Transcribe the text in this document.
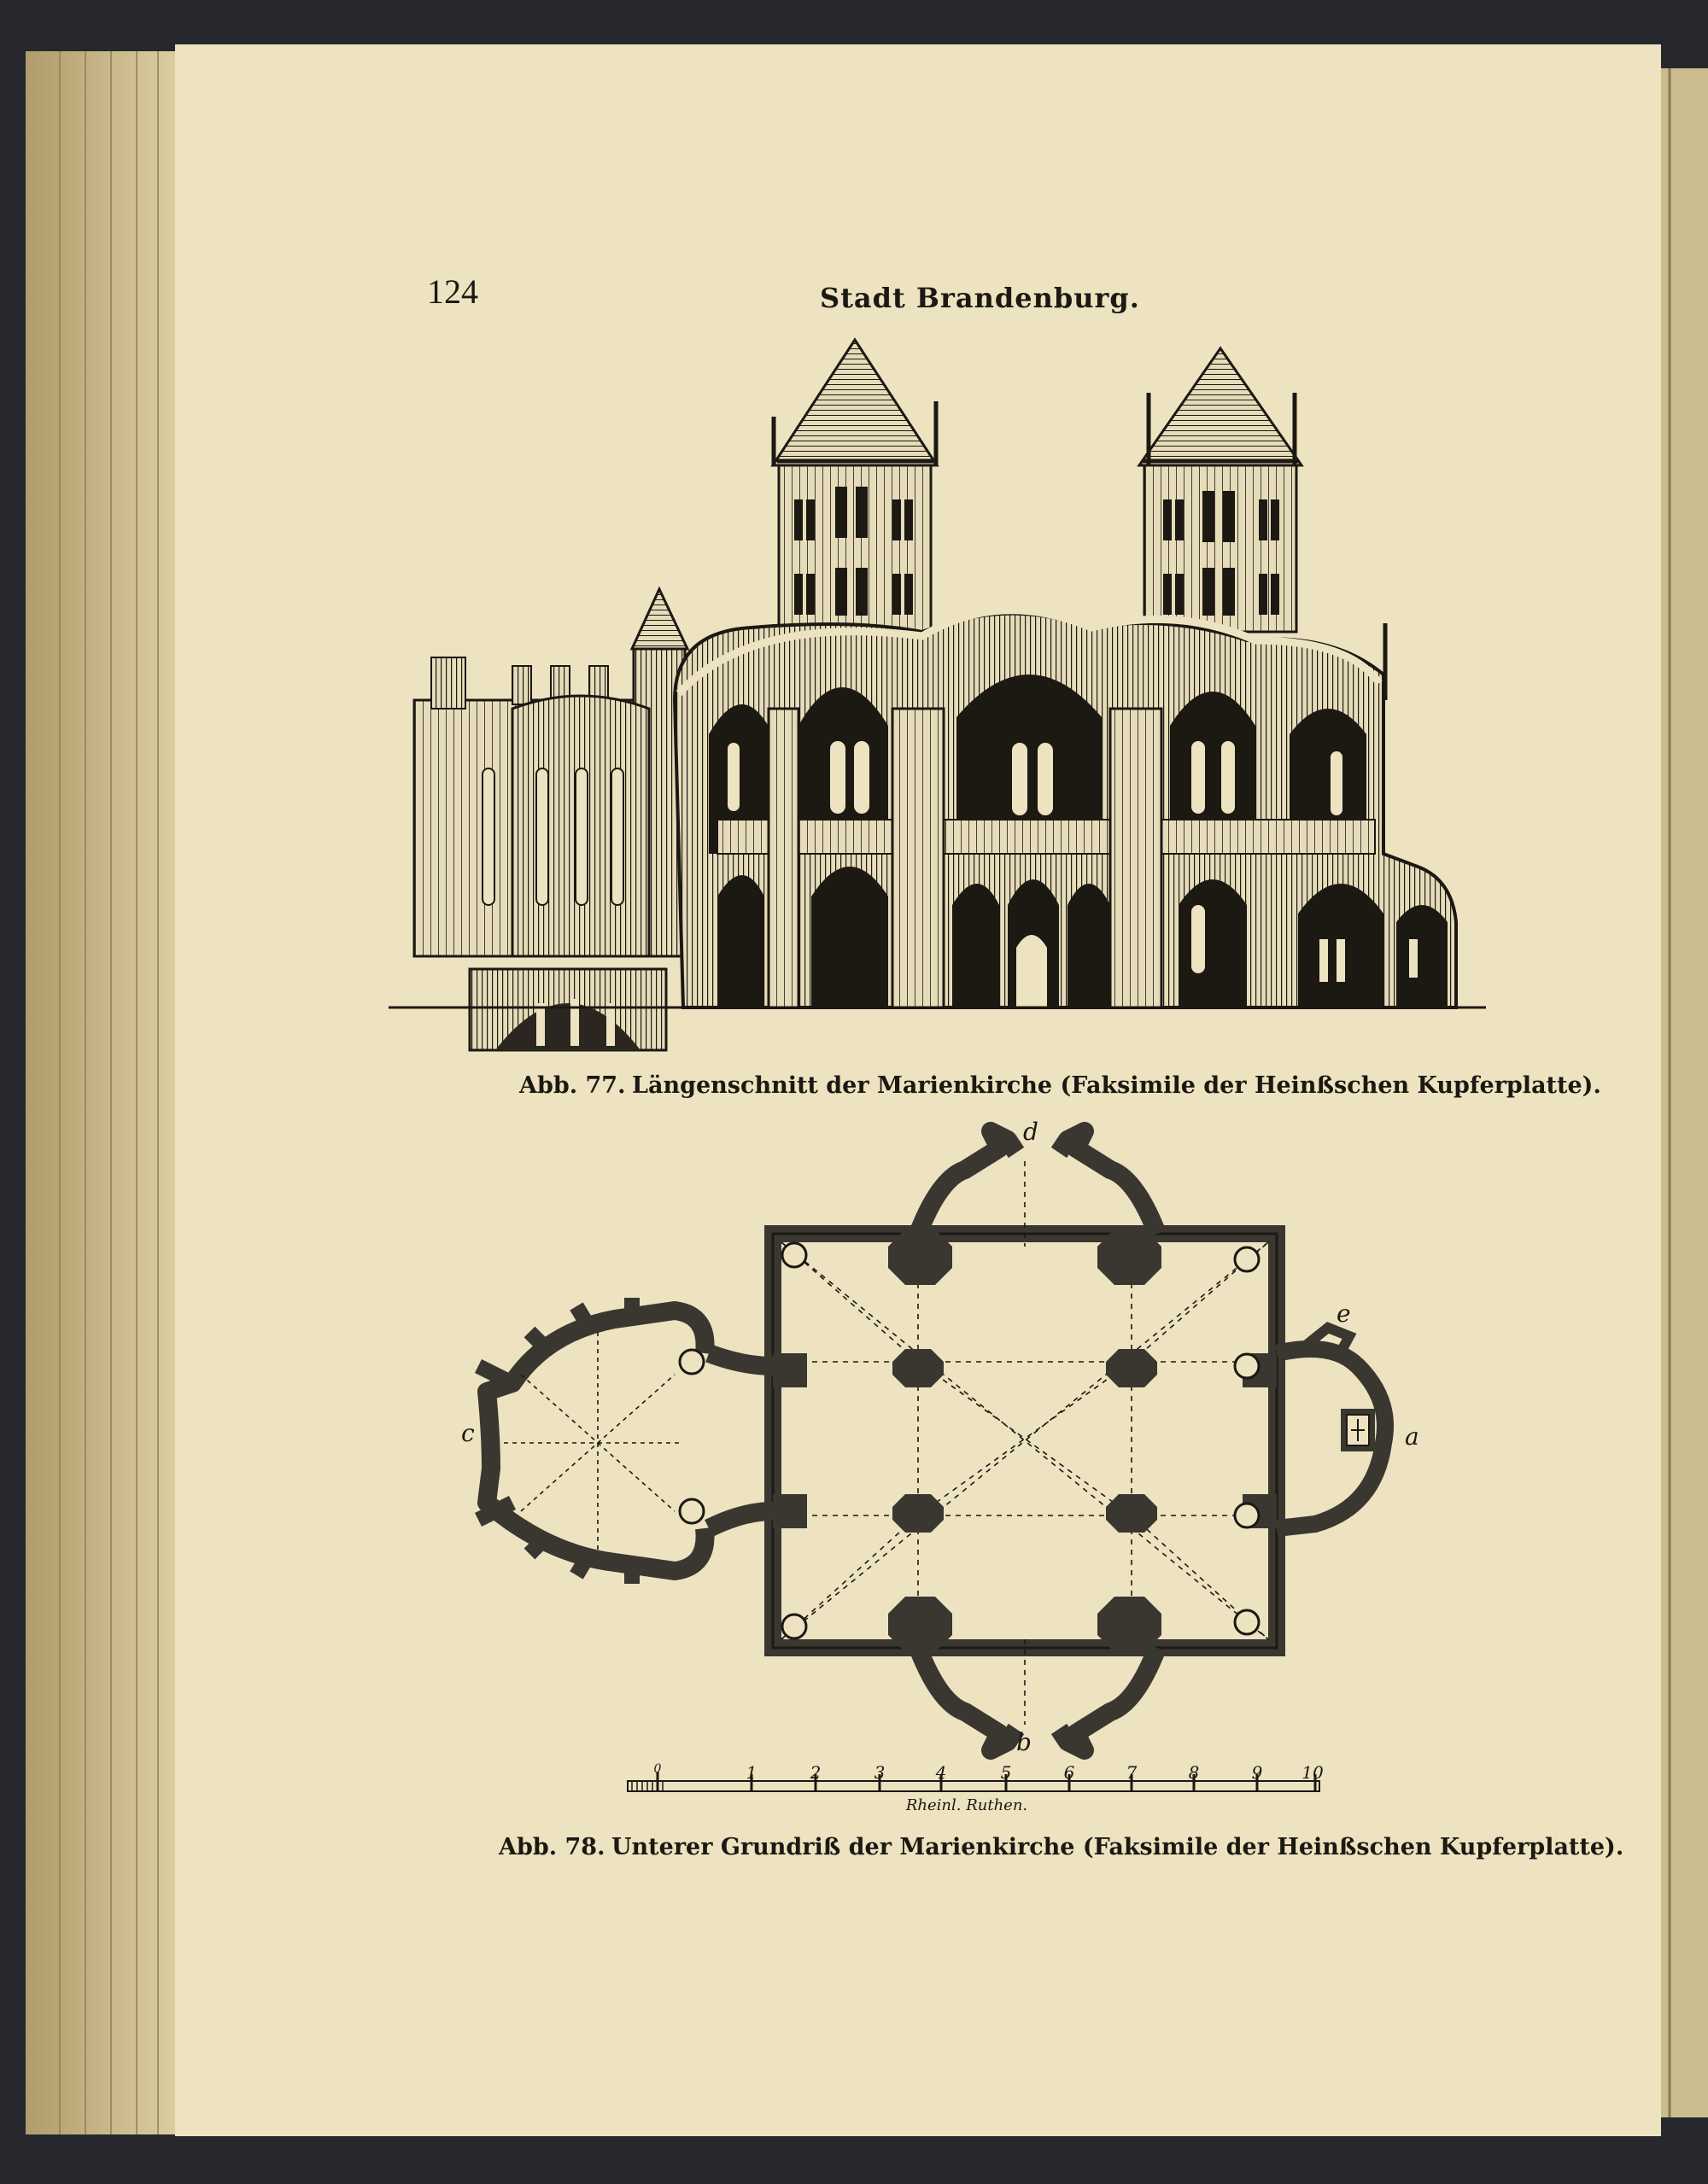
Abb. 77. Längenschnitt der Marienkirche (Faksimile der Heinßschen Kupferplatte).
a
b
c
d
e
0	1	2	3	4	5	6	7	8	9 10
Rheinl. Ruthen.
Abb. 78. Unterer Grundriß der Marienkirche (Faksimile der Heinßschen Kupferplatte).
124	Stadt Brandenburg.
